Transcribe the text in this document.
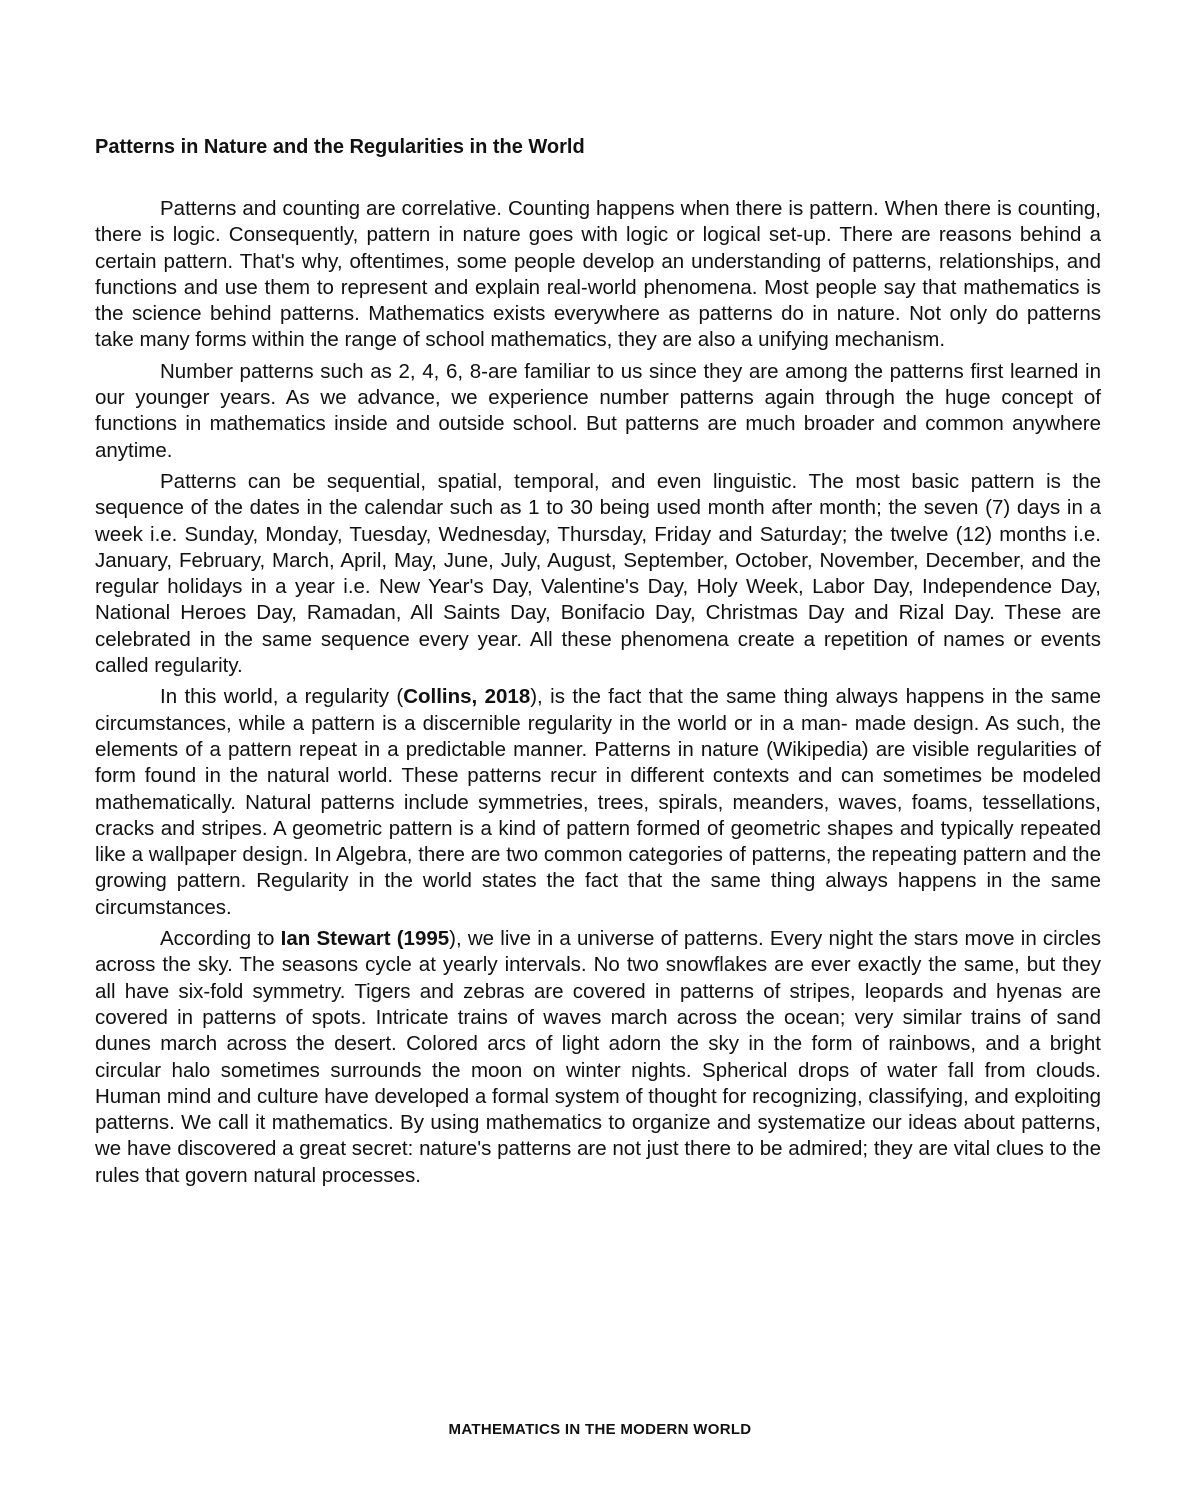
Patterns in Nature and the Regularities in the World

Patterns and counting are correlative. Counting happens when there is pattern. When there is counting, there is logic. Consequently, pattern in nature goes with logic or logical set-up. There are reasons behind a certain pattern. That's why, oftentimes, some people develop an understanding of patterns, relationships, and functions and use them to represent and explain real-world phenomena. Most people say that mathematics is the science behind patterns. Mathematics exists everywhere as patterns do in nature. Not only do patterns take many forms within the range of school mathematics, they are also a unifying mechanism.

Number patterns such as 2, 4, 6, 8-are familiar to us since they are among the patterns first learned in our younger years. As we advance, we experience number patterns again through the huge concept of functions in mathematics inside and outside school. But patterns are much broader and common anywhere anytime.

Patterns can be sequential, spatial, temporal, and even linguistic. The most basic pattern is the sequence of the dates in the calendar such as 1 to 30 being used month after month; the seven (7) days in a week i.e. Sunday, Monday, Tuesday, Wednesday, Thursday, Friday and Saturday; the twelve (12) months i.e. January, February, March, April, May, June, July, August, September, October, November, December, and the regular holidays in a year i.e. New Year's Day, Valentine's Day, Holy Week, Labor Day, Independence Day, National Heroes Day, Ramadan, All Saints Day, Bonifacio Day, Christmas Day and Rizal Day. These are celebrated in the same sequence every year. All these phenomena create a repetition of names or events called regularity.

In this world, a regularity (Collins, 2018), is the fact that the same thing always happens in the same circumstances, while a pattern is a discernible regularity in the world or in a man- made design. As such, the elements of a pattern repeat in a predictable manner. Patterns in nature (Wikipedia) are visible regularities of form found in the natural world. These patterns recur in different contexts and can sometimes be modeled mathematically. Natural patterns include symmetries, trees, spirals, meanders, waves, foams, tessellations, cracks and stripes. A geometric pattern is a kind of pattern formed of geometric shapes and typically repeated like a wallpaper design. In Algebra, there are two common categories of patterns, the repeating pattern and the growing pattern. Regularity in the world states the fact that the same thing always happens in the same circumstances.

According to Ian Stewart (1995), we live in a universe of patterns. Every night the stars move in circles across the sky. The seasons cycle at yearly intervals. No two snowflakes are ever exactly the same, but they all have six-fold symmetry. Tigers and zebras are covered in patterns of stripes, leopards and hyenas are covered in patterns of spots. Intricate trains of waves march across the ocean; very similar trains of sand dunes march across the desert. Colored arcs of light adorn the sky in the form of rainbows, and a bright circular halo sometimes surrounds the moon on winter nights. Spherical drops of water fall from clouds. Human mind and culture have developed a formal system of thought for recognizing, classifying, and exploiting patterns. We call it mathematics. By using mathematics to organize and systematize our ideas about patterns, we have discovered a great secret: nature's patterns are not just there to be admired; they are vital clues to the rules that govern natural processes.

MATHEMATICS IN THE MODERN WORLD
